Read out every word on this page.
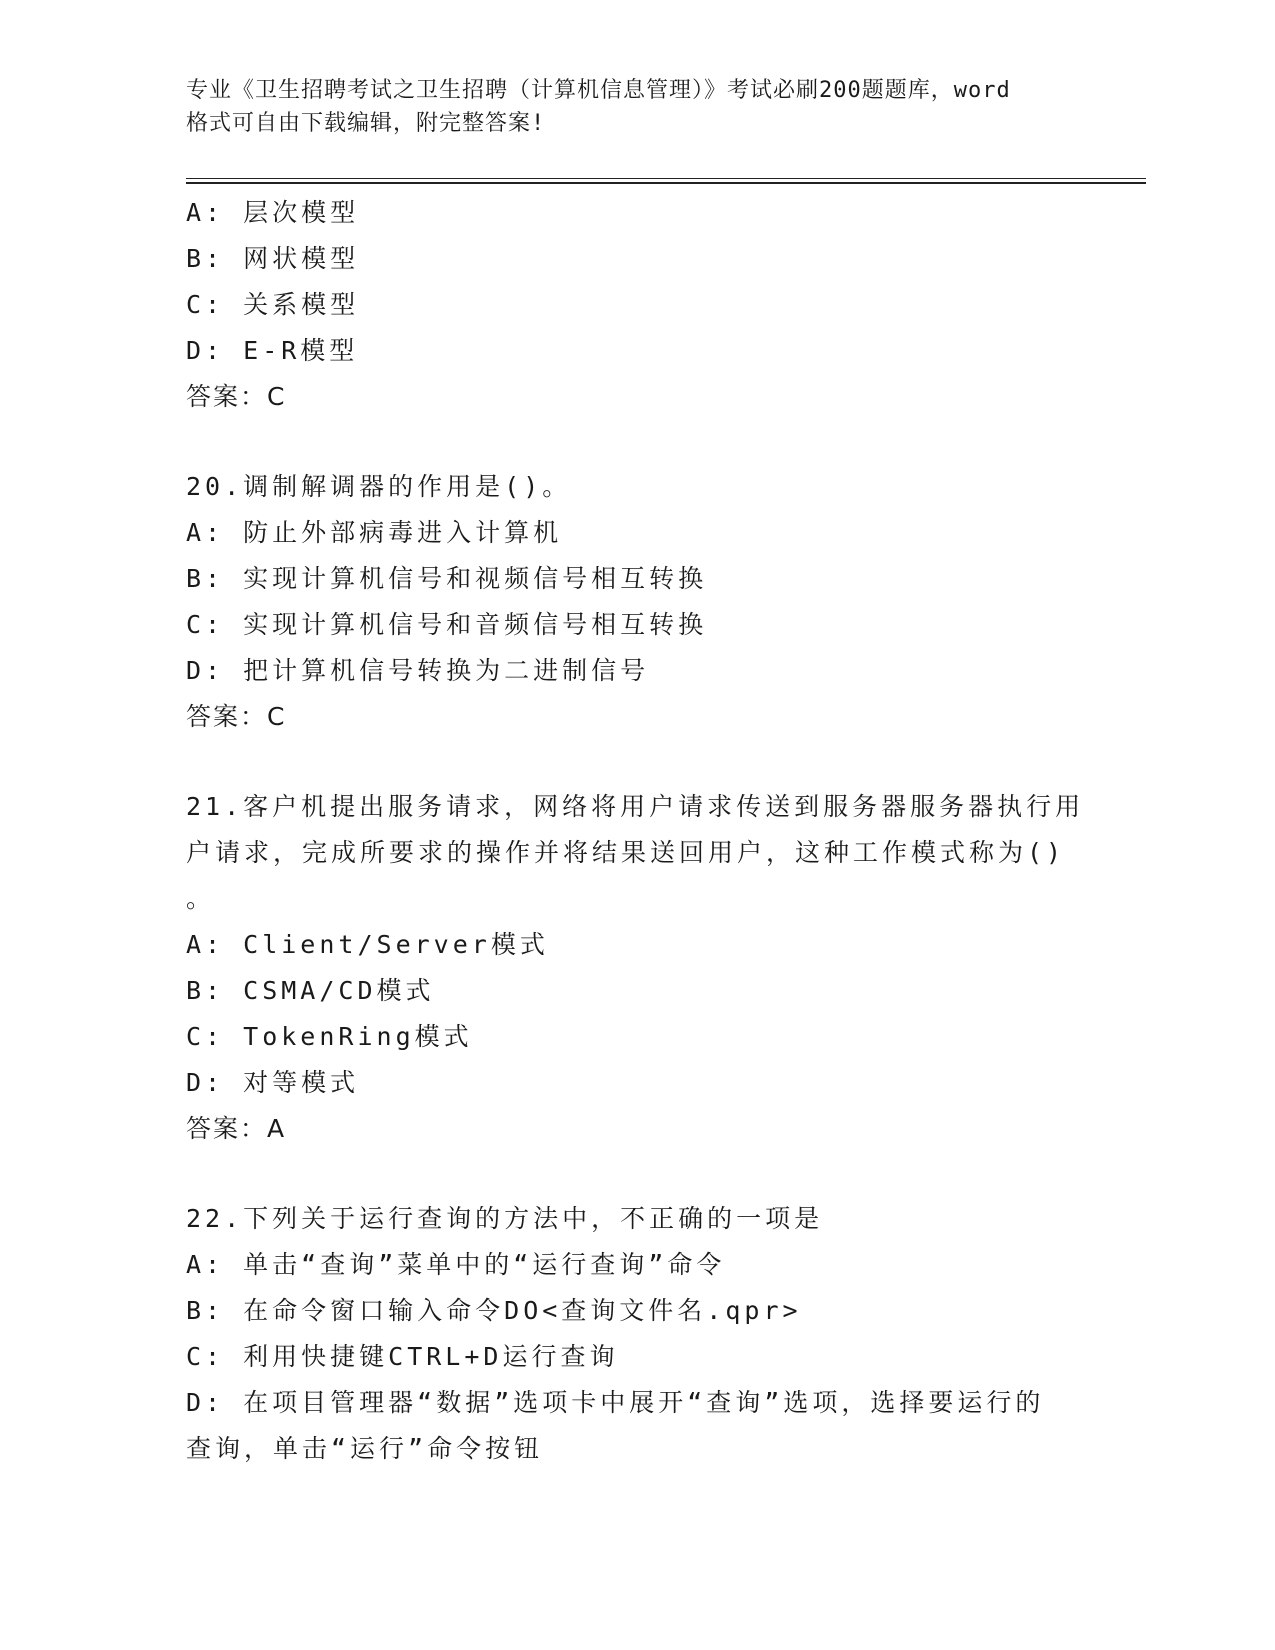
专业《卫生招聘考试之卫生招聘（计算机信息管理）》考试必刷200题题库，word
格式可自由下载编辑，附完整答案!
A: 层次模型
B: 网状模型
C: 关系模型
D: E-R模型
答案：C
20.调制解调器的作用是()。
A: 防止外部病毒进入计算机
B: 实现计算机信号和视频信号相互转换
C: 实现计算机信号和音频信号相互转换
D: 把计算机信号转换为二进制信号
答案：C
21.客户机提出服务请求，网络将用户请求传送到服务器服务器执行用
户请求，完成所要求的操作并将结果送回用户，这种工作模式称为()
。
A: Client/Server模式
B: CSMA/CD模式
C: TokenRing模式
D: 对等模式
答案：A
22.下列关于运行查询的方法中，不正确的一项是
A: 单击“查询”菜单中的“运行查询”命令
B: 在命令窗口输入命令DO<查询文件名.qpr>
C: 利用快捷键CTRL+D运行查询
D: 在项目管理器“数据”选项卡中展开“查询”选项，选择要运行的
查询，单击“运行”命令按钮
